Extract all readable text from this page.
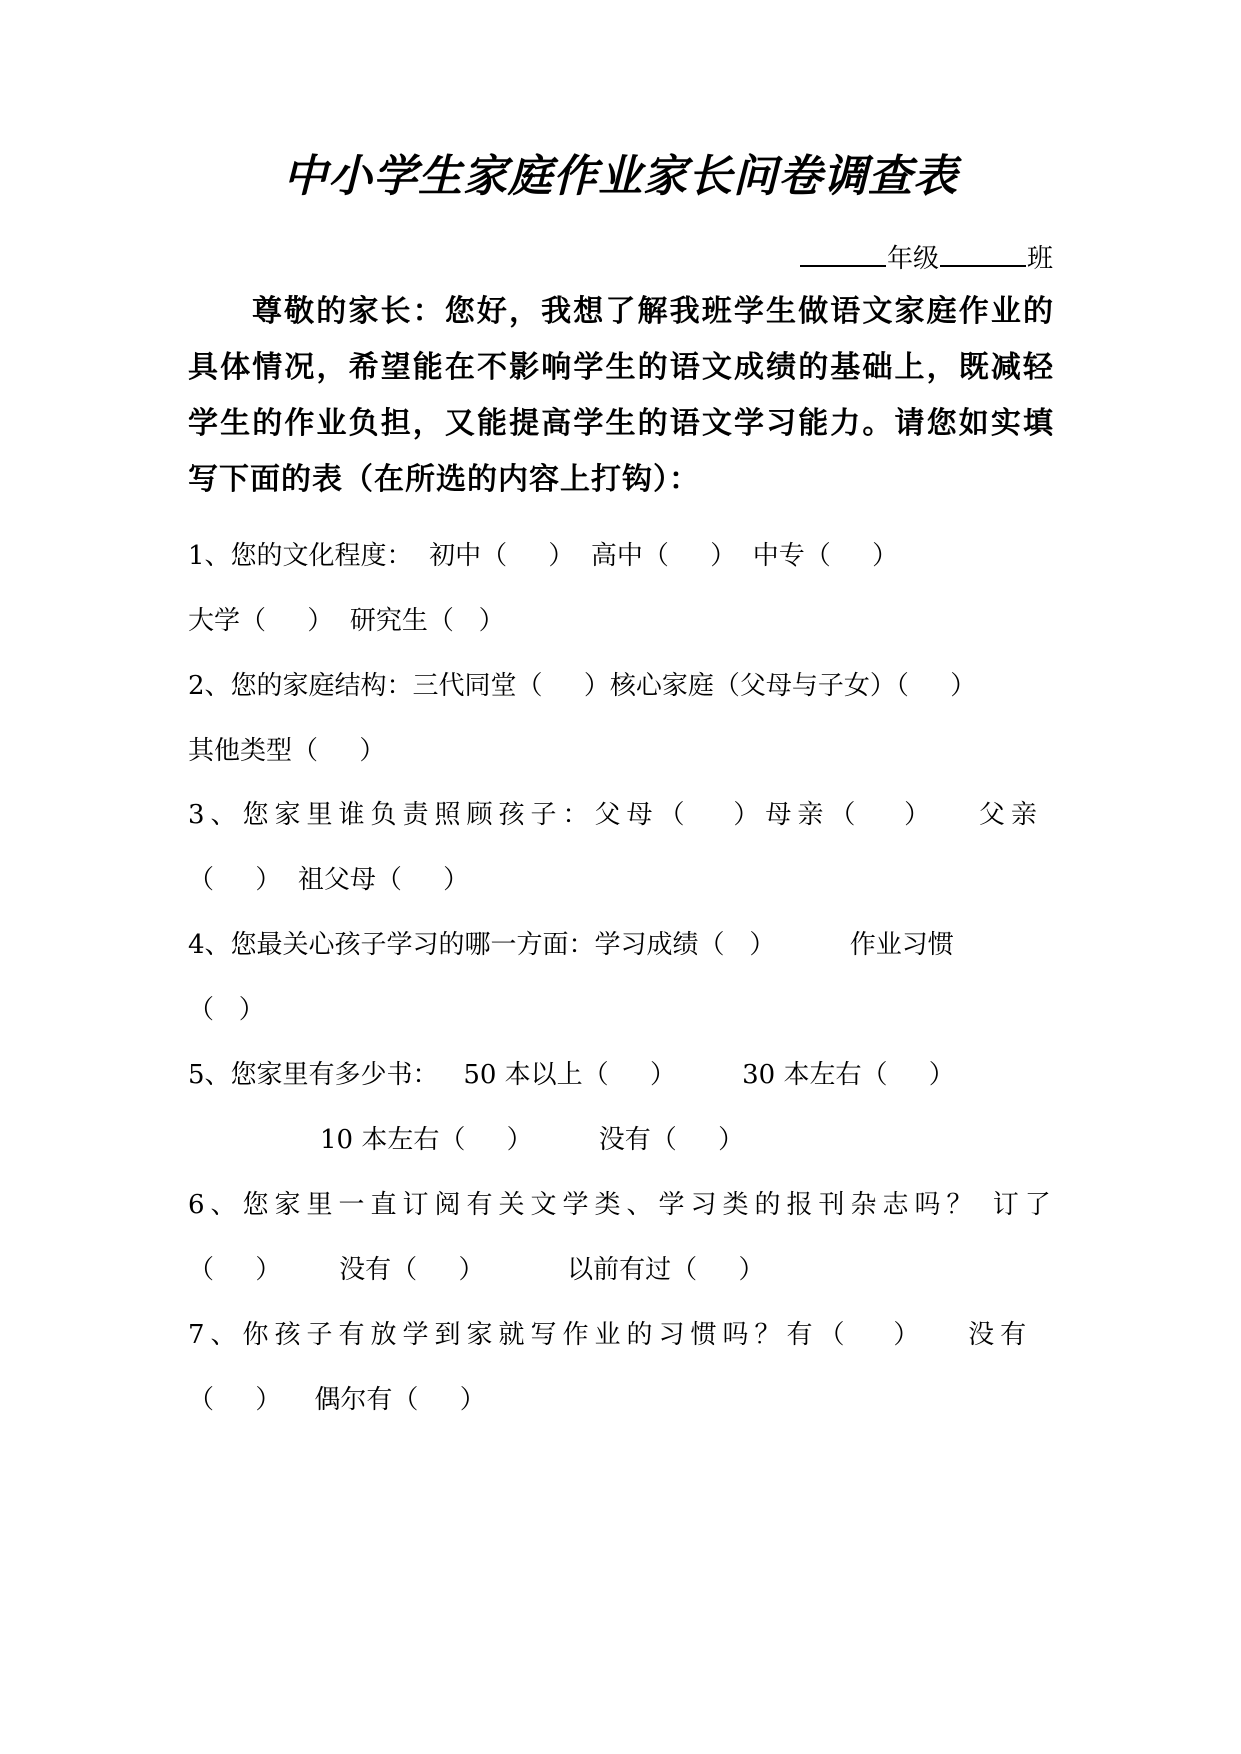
中小学生家庭作业家长问卷调查表
年级	班

尊敬的家长：您好，我想了解我班学生做语文家庭作业的具体情况，希望能在不影响学生的语文成绩的基础上，既减轻学生的作业负担，又能提高学生的语文学习能力。请您如实填写下面的表（在所选的内容上打钩）：

1、您的文化程度：  初中（     ）  高中（     ）  中专（     ）

大学（     ）  研究生（   ）

2、您的家庭结构：三代同堂（     ）核心家庭（父母与子女）（     ）

其他类型（     ）

3、您家里谁负责照顾孩子：父母（   ）母亲（   ）   父亲

（     ）  祖父母（     ）

4、您最关心孩子学习的哪一方面：学习成绩（   ）         作业习惯

（   ）

5、您家里有多少书：   50 本以上（     ）        30 本左右（     ）

10 本左右（     ）        没有（     ）

6、您家里一直订阅有关文学类、学习类的报刊杂志吗？ 订了

（     ）       没有（     ）          以前有过（     ）

7、你孩子有放学到家就写作业的习惯吗？有（   ）   没有

（     ）    偶尔有（     ）
